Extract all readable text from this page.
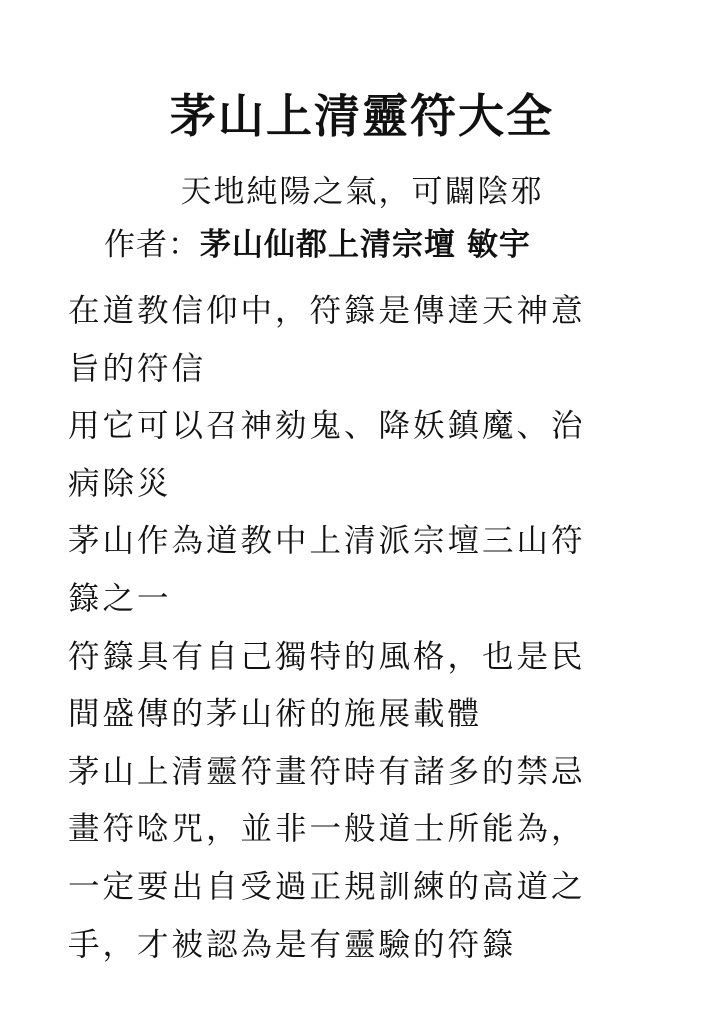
茅山上清靈符大全
天地純陽之氣，可闢陰邪
作者：茅山仙都上清宗壇 敏宇
在道教信仰中，符籙是傳達天神意
旨的符信
用它可以召神劾鬼、降妖鎮魔、治
病除災
茅山作為道教中上清派宗壇三山符
籙之一
符籙具有自己獨特的風格，也是民
間盛傳的茅山術的施展載體
茅山上清靈符畫符時有諸多的禁忌
畫符唸咒，並非一般道士所能為，
一定要出自受過正規訓練的高道之
手，才被認為是有靈驗的符籙
